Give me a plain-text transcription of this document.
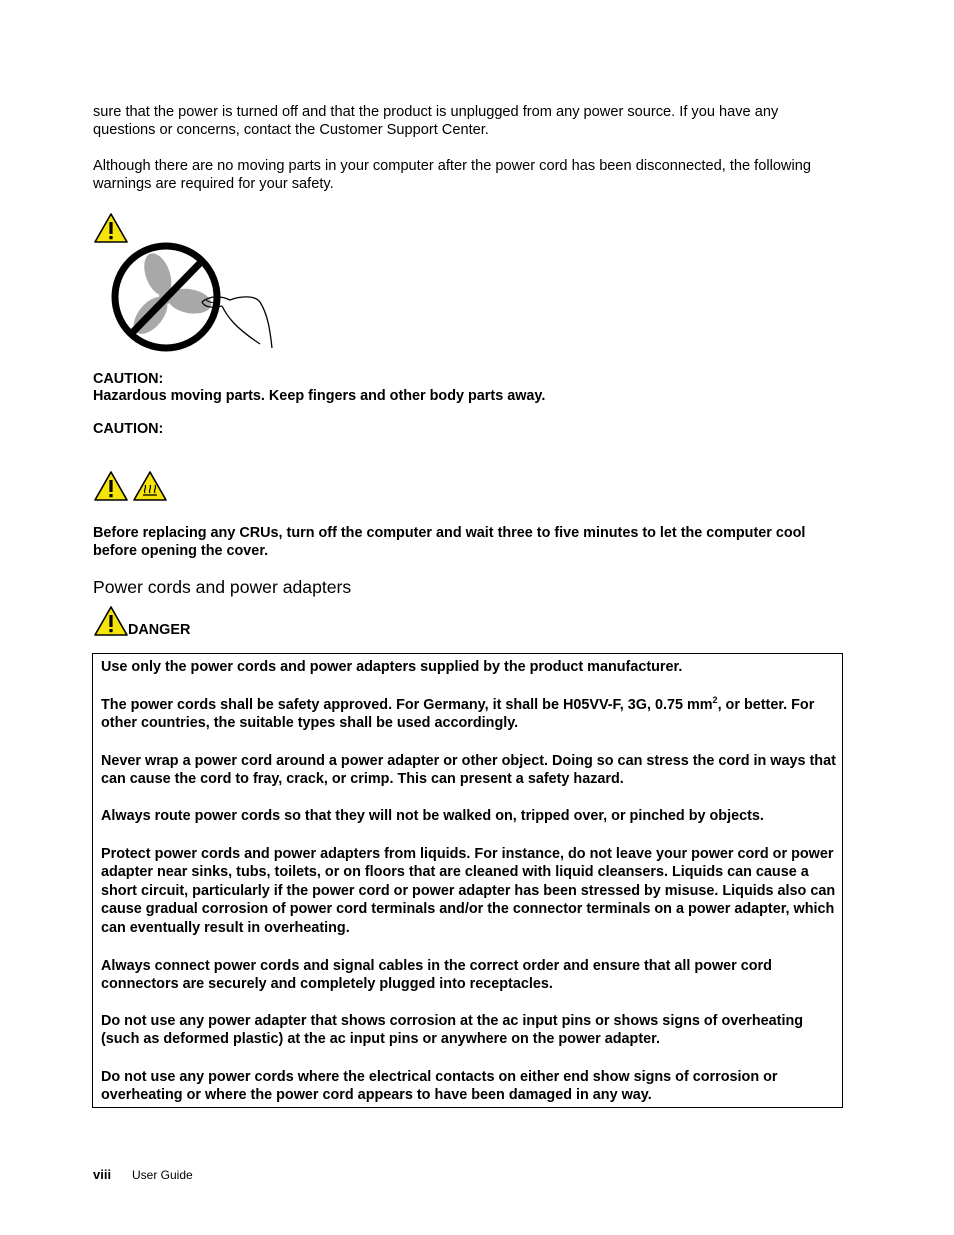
sure that the power is turned off and that the product is unplugged from any power source. If you have any questions or concerns, contact the Customer Support Center.
Although there are no moving parts in your computer after the power cord has been disconnected, the following warnings are required for your safety.
CAUTION:
Hazardous moving parts. Keep fingers and other body parts away.
CAUTION:
Before replacing any CRUs, turn off the computer and wait three to five minutes to let the computer cool before opening the cover.
Power cords and power adapters
DANGER
Use only the power cords and power adapters supplied by the product manufacturer.
The power cords shall be safety approved. For Germany, it shall be H05VV-F, 3G, 0.75 $mm^2$, or better. For other countries, the suitable types shall be used accordingly.
Never wrap a power cord around a power adapter or other object. Doing so can stress the cord in ways that can cause the cord to fray, crack, or crimp. This can present a safety hazard.
Always route power cords so that they will not be walked on, tripped over, or pinched by objects.
Protect power cords and power adapters from liquids. For instance, do not leave your power cord or power adapter near sinks, tubs, toilets, or on floors that are cleaned with liquid cleansers. Liquids can cause a short circuit, particularly if the power cord or power adapter has been stressed by misuse. Liquids also can cause gradual corrosion of power cord terminals and/or the connector terminals on a power adapter, which can eventually result in overheating.
Always connect power cords and signal cables in the correct order and ensure that all power cord connectors are securely and completely plugged into receptacles.
Do not use any power adapter that shows corrosion at the ac input pins or shows signs of overheating (such as deformed plastic) at the ac input pins or anywhere on the power adapter.
Do not use any power cords where the electrical contacts on either end show signs of corrosion or overheating or where the power cord appears to have been damaged in any way.
viii User Guide
